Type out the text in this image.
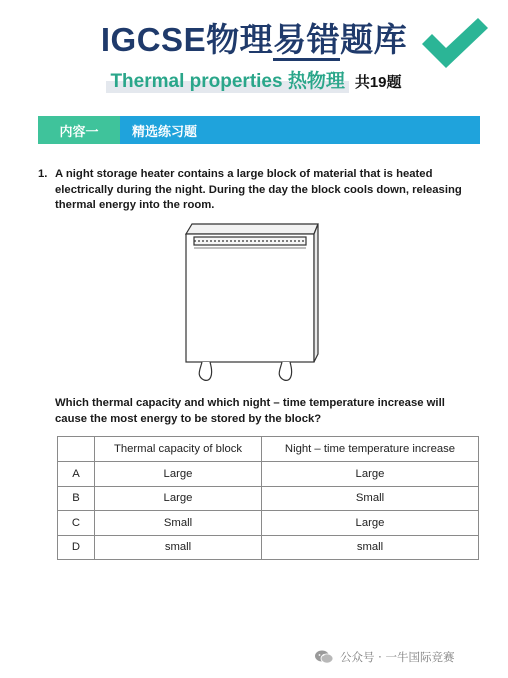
IGCSE物理易错题库
Thermal properties 热物理 共19题
内容一	精选练习题
1. A night storage heater contains a large block of material that is heated electrically during the night. During the day the block cools down, releasing thermal energy into the room.
Which thermal capacity and which night – time temperature increase will cause the most energy to be stored by the block?
	Thermal capacity of block	Night – time temperature increase
A	Large	Large
B	Large	Small
C	Small	Large
D	small	small
公众号 · 一牛国际竞赛
